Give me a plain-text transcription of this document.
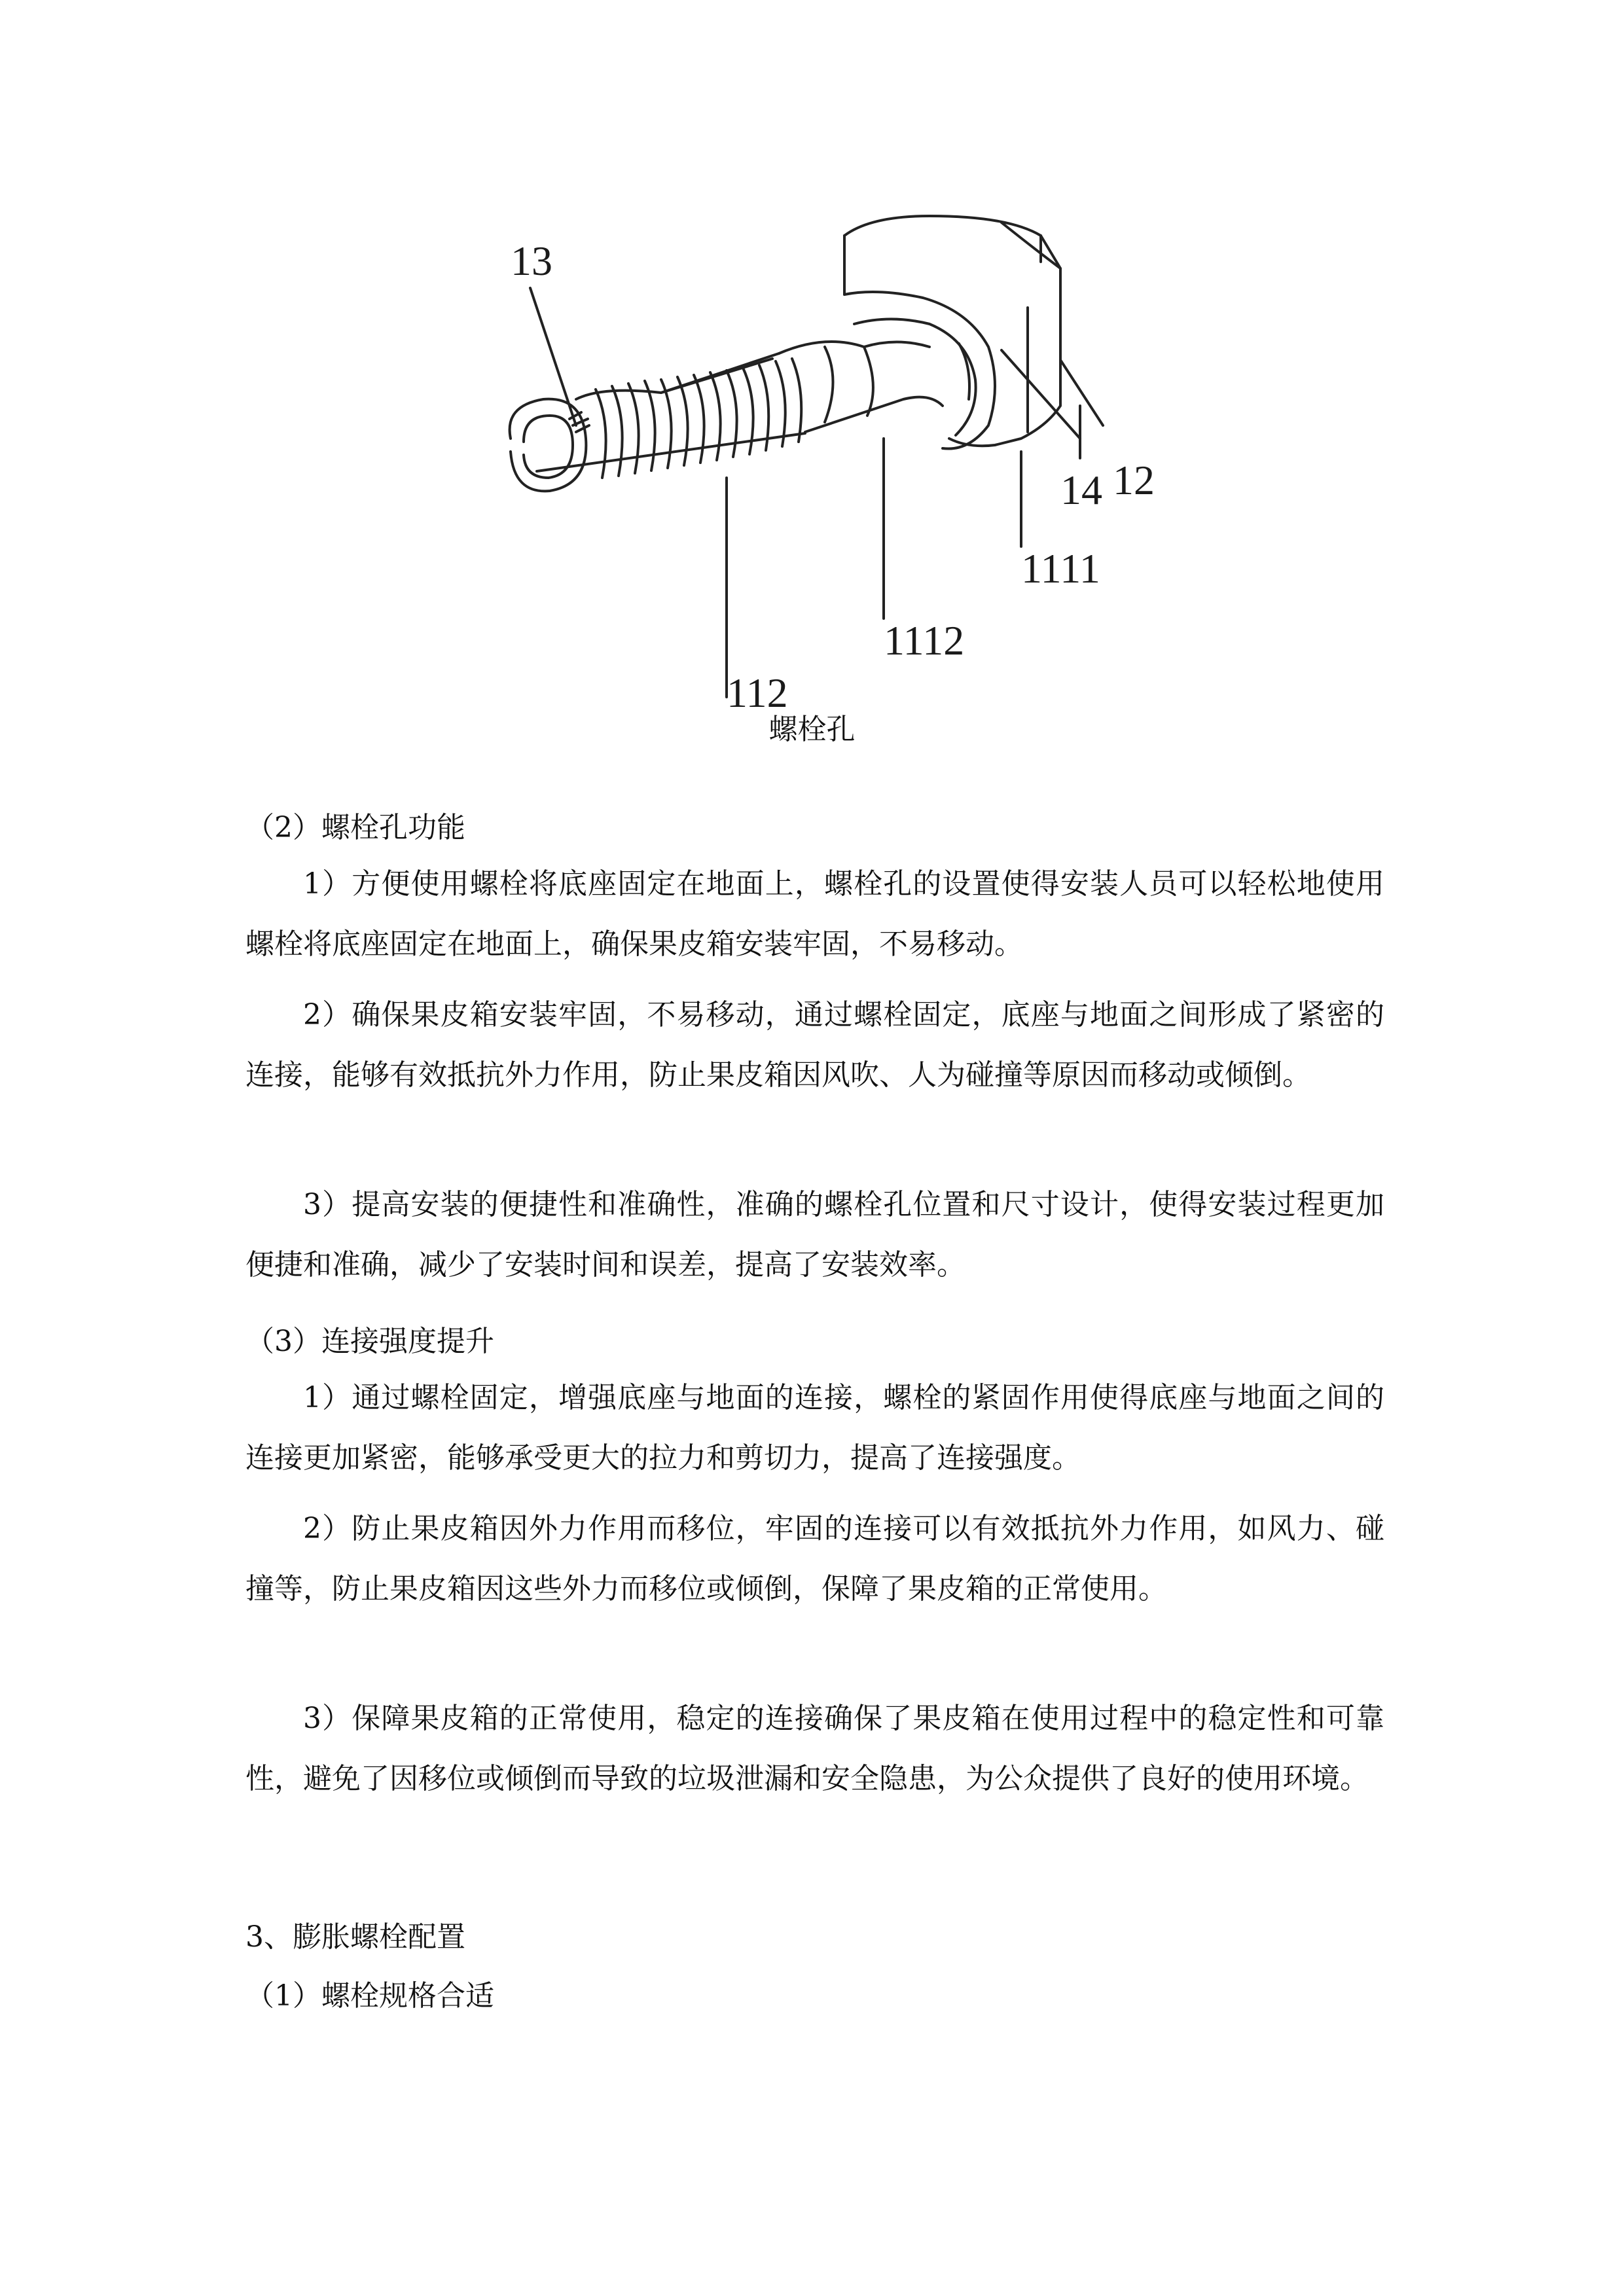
13
14 12
1111
1112
112
螺栓孔
（2）螺栓孔功能
1）方便使用螺栓将底座固定在地面上，螺栓孔的设置使得安装人员可以轻松地使用螺栓将底座固定在地面上，确保果皮箱安装牢固，不易移动。
2）确保果皮箱安装牢固，不易移动，通过螺栓固定，底座与地面之间形成了紧密的连接，能够有效抵抗外力作用，防止果皮箱因风吹、人为碰撞等原因而移动或倾倒。
3）提高安装的便捷性和准确性，准确的螺栓孔位置和尺寸设计，使得安装过程更加便捷和准确，减少了安装时间和误差，提高了安装效率。
（3）连接强度提升
1）通过螺栓固定，增强底座与地面的连接，螺栓的紧固作用使得底座与地面之间的连接更加紧密，能够承受更大的拉力和剪切力，提高了连接强度。
2）防止果皮箱因外力作用而移位，牢固的连接可以有效抵抗外力作用，如风力、碰撞等，防止果皮箱因这些外力而移位或倾倒，保障了果皮箱的正常使用。
3）保障果皮箱的正常使用，稳定的连接确保了果皮箱在使用过程中的稳定性和可靠性，避免了因移位或倾倒而导致的垃圾泄漏和安全隐患，为公众提供了良好的使用环境。
3、膨胀螺栓配置
（1）螺栓规格合适
